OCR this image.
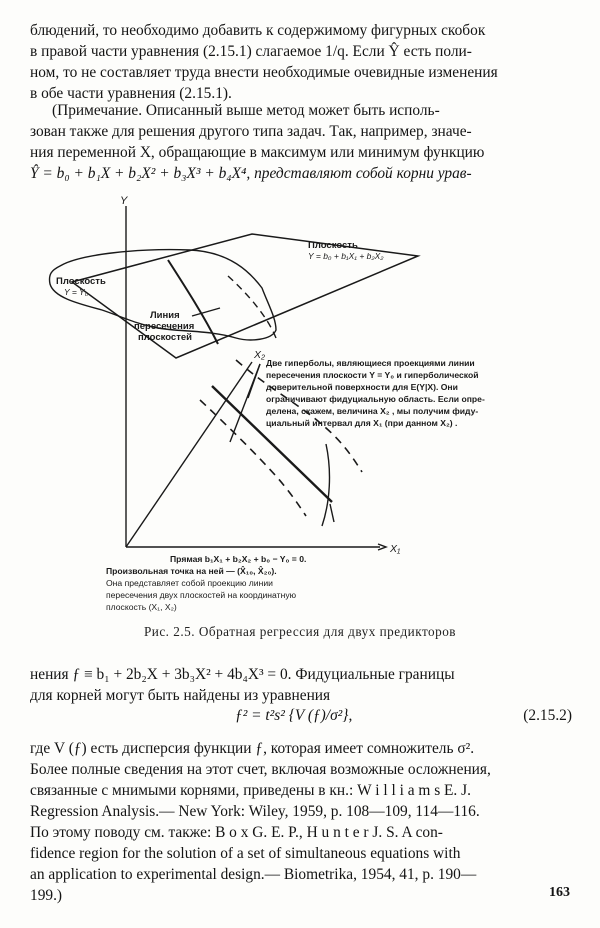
блюдений, то необходимо добавить к содержимому фигурных скобок
в правой части уравнения (2.15.1) слагаемое 1/q. Если Ŷ есть поли-
ном, то не составляет труда внести необходимые очевидные изменения
в обе части уравнения (2.15.1).
(Примечание. Описанный выше метод может быть исполь-
зован также для решения другого типа задач. Так, например, значе-
ния переменной X, обращающие в максимум или минимум функцию
Ŷ = b₀ + b₁X + b₂X² + b₃X³ + b₄X⁴, представляют собой корни урав-
Y
X₁
X₂
Плоскость
Y = b₀ + b₁X₁ + b₂X₂
Плоскость
Y = Y₀
Линия
пересечения
плоскостей
Две гиперболы, являющиеся проекциями линии
пересечения плоскости Y = Y₀ и гиперболической
доверительной поверхности для E(Y|X). Они
ограничивают фидуциальную область. Если опре-
делена, скажем, величина X₂ , мы получим фиду-
циальный интервал для X₁ (при данном X₂) .
Прямая b₁X₁ + b₂X₂ + b₀ − Y₀ = 0.
Произвольная точка на ней — (X̂₁₀, X̂₂₀).
Она представляет собой проекцию линии
пересечения двух плоскостей на координатную
плоскость (X₁, X₂)
Рис. 2.5. Обратная регрессия для двух предикторов
нения ƒ ≡ b₁ + 2b₂X + 3b₃X² + 4b₄X³ = 0. Фидуциальные границы
для корней могут быть найдены из уравнения
ƒ² = t²s² {V (ƒ)/σ²},	(2.15.2)
где V (ƒ) есть дисперсия функции ƒ, которая имеет сомножитель σ².
Более полные сведения на этот счет, включая возможные осложнения,
связанные с мнимыми корнями, приведены в кн.: W i l l i a m s E. J.
Regression Analysis.— New York: Wiley, 1959, p. 108—109, 114—116.
По этому поводу см. также: B o x G. E. P., H u n t e r J. S. A con-
fidence region for the solution of a set of simultaneous equations with
an application to experimental design.— Biometrika, 1954, 41, p. 190—
199.)	163
